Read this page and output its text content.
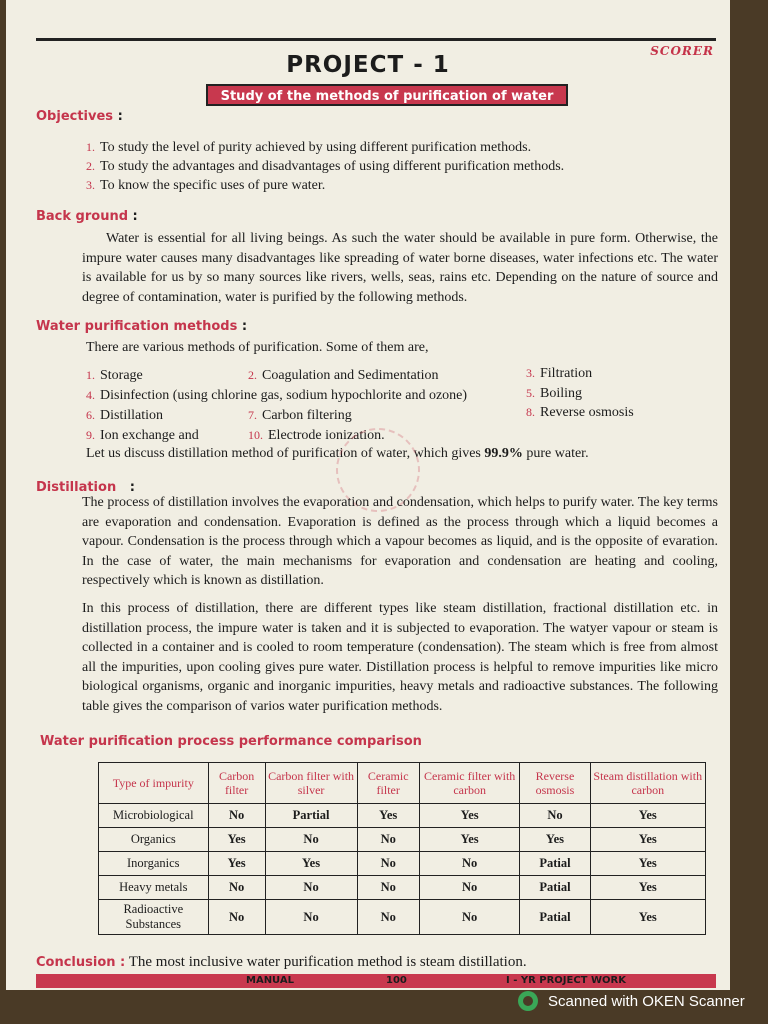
SCORER
PROJECT - 1
Study of the methods of purification of water
Objectives :
1. To study the level of purity achieved by using different purification methods.
2. To study the advantages and disadvantages of using different purification methods.
3. To know the specific uses of pure water.
Back ground :
Water is essential for all living beings. As such the water should be available in pure form. Otherwise, the impure water causes many disadvantages like spreading of water borne diseases, water infections etc. The water is available for us by so many sources like rivers, wells, seas, rains etc. Depending on the nature of source and degree of contamination, water is purified by the following methods.
Water purification methods :
There are various methods of purification. Some of them are,
1. Storage	2. Coagulation and Sedimentation	3. Filtration
4. Disinfection (using chlorine gas, sodium hypochlorite and ozone)	5. Boiling
6. Distillation	7. Carbon filtering	8. Reverse osmosis
9. Ion exchange and	10. Electrode ionization.
Let us discuss distillation method of purification of water, which gives 99.9% pure water.
Distillation   :
The process of distillation involves the evaporation and condensation, which helps to purify water. The key terms are evaporation and condensation. Evaporation is defined as the process through which a liquid becomes a vapour. Condensation is the process through which a vapour becomes as liquid, and is the opposite of evaration. In the case of water, the main mechanisms for evaporation and condensation are heating and cooling, respectively which is known as distillation.
In this process of distillation, there are different types like steam distillation, fractional distillation etc. in distillation process, the impure water is taken and it is subjected to evaporation. The watyer vapour or steam is collected in a container and is cooled to room temperature (condensation). The steam which is free from almost all the impurities, upon cooling gives pure water. Distillation process is helpful to remove impurities like micro biological organisms, organic and inorganic impurities, heavy metals and radioactive substances. The following table gives the comparison of varios water purification methods.
Water purification process performance comparison
Type of impurity	Carbon filter	Carbon filter with silver	Ceramic filter	Ceramic filter with carbon	Reverse osmosis	Steam distillation with carbon
Microbiological	No	Partial	Yes	Yes	No	Yes
Organics	Yes	No	No	Yes	Yes	Yes
Inorganics	Yes	Yes	No	No	Patial	Yes
Heavy metals	No	No	No	No	Patial	Yes
Radioactive Substances	No	No	No	No	Patial	Yes
Conclusion : The most inclusive water purification method is steam distillation.
MANUAL	100	I - YR PROJECT WORK
Scanned with OKEN Scanner
